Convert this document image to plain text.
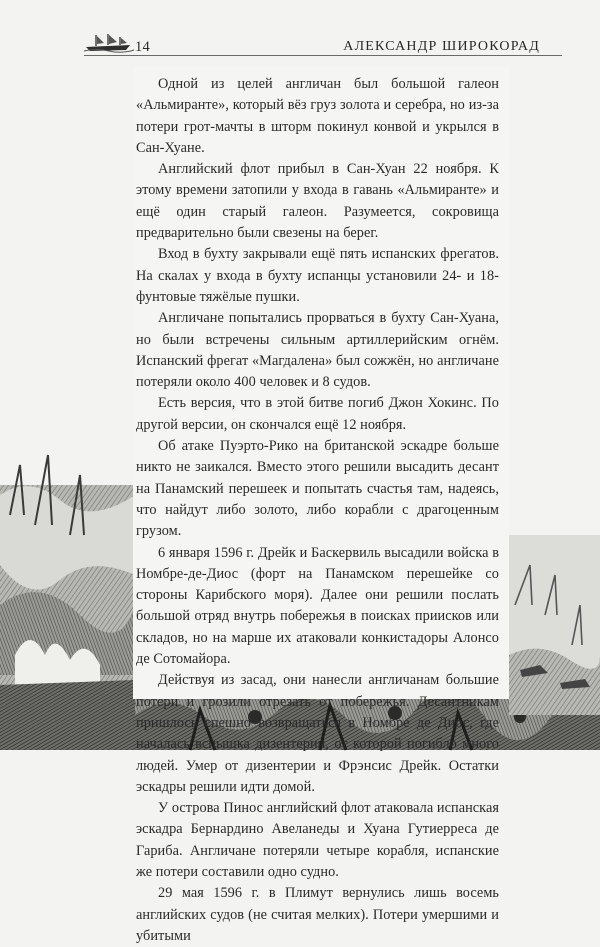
14	АЛЕКСАНДР ШИРОКОРАД

Одной из целей англичан был большой галеон «Альмиранте», который вёз груз золота и серебра, но из-за потери грот-мачты в шторм покинул конвой и укрылся в Сан-Хуане.

Английский флот прибыл в Сан-Хуан 22 ноября. К этому времени затопили у входа в гавань «Альмиранте» и ещё один старый галеон. Разумеется, сокровища предварительно были свезены на берег.

Вход в бухту закрывали ещё пять испанских фрегатов. На скалах у входа в бухту испанцы установили 24- и 18-фунтовые тяжёлые пушки.

Англичане попытались прорваться в бухту Сан-Хуана, но были встречены сильным артиллерийским огнём. Испанский фрегат «Магдалена» был сожжён, но англичане потеряли около 400 человек и 8 судов.

Есть версия, что в этой битве погиб Джон Хокинс. По другой версии, он скончался ещё 12 ноября.

Об атаке Пуэрто-Рико на британской эскадре больше никто не заикался. Вместо этого решили высадить десант на Панамский перешеек и попытать счастья там, надеясь, что найдут либо золото, либо корабли с драгоценным грузом.

6 января 1596 г. Дрейк и Баскервиль высадили войска в Номбре-де-Диос (форт на Панамском перешейке со стороны Карибского моря). Далее они решили послать большой отряд внутрь побережья в поисках приисков или складов, но на марше их атаковали конкистадоры Алонсо де Сотомайора.

Действуя из засад, они нанесли англичанам большие потери и грозили отрезать от побережья. Десантникам пришлось спешно возвращаться в Номбре де Диос, где началась вспышка дизентерии, от которой погибло много людей. Умер от дизентерии и Фрэнсис Дрейк. Остатки эскадры решили идти домой.

У острова Пинос английский флот атаковала испанская эскадра Бернардино Авеланеды и Хуана Гутиерреса де Гариба. Англичане потеряли четыре корабля, испанские же потери составили одно судно.

29 мая 1596 г. в Плимут вернулись лишь восемь английских судов (не считая мелких). Потери умершими и убитыми
